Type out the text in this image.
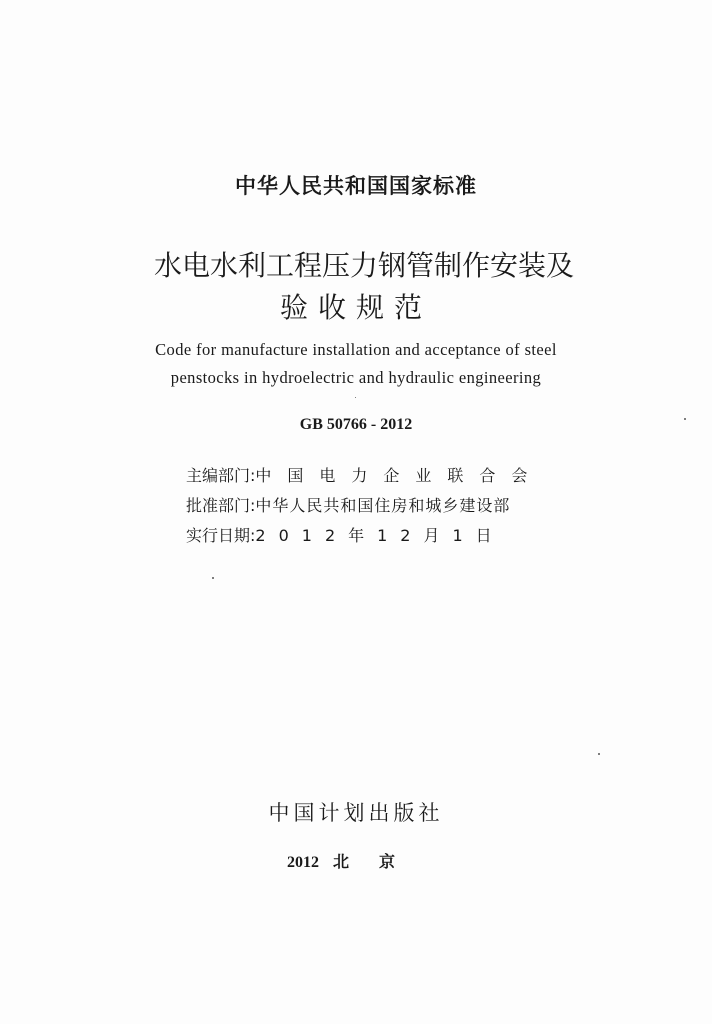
中华人民共和国国家标准
水电水利工程压力钢管制作安装及
验收规范
Code for manufacture installation and acceptance of steel
penstocks in hydroelectric and hydraulic engineering
GB 50766 - 2012
主编部门:中国电力企业联合会
批准部门:中华人民共和国住房和城乡建设部
实行日期:2012年12月1日
中国计划出版社
2012 北京
